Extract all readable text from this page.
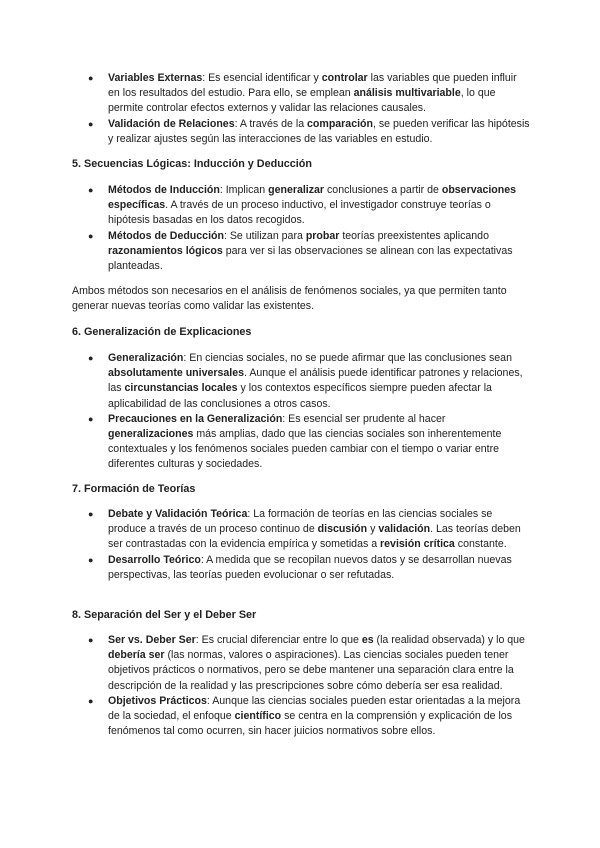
● Variables Externas: Es esencial identificar y controlar las variables que pueden influir en los resultados del estudio. Para ello, se emplean análisis multivariable, lo que permite controlar efectos externos y validar las relaciones causales.
● Validación de Relaciones: A través de la comparación, se pueden verificar las hipótesis y realizar ajustes según las interacciones de las variables en estudio.
5. Secuencias Lógicas: Inducción y Deducción
● Métodos de Inducción: Implican generalizar conclusiones a partir de observaciones específicas. A través de un proceso inductivo, el investigador construye teorías o hipótesis basadas en los datos recogidos.
● Métodos de Deducción: Se utilizan para probar teorías preexistentes aplicando razonamientos lógicos para ver si las observaciones se alinean con las expectativas planteadas.
Ambos métodos son necesarios en el análisis de fenómenos sociales, ya que permiten tanto generar nuevas teorías como validar las existentes.
6. Generalización de Explicaciones
● Generalización: En ciencias sociales, no se puede afirmar que las conclusiones sean absolutamente universales. Aunque el análisis puede identificar patrones y relaciones, las circunstancias locales y los contextos específicos siempre pueden afectar la aplicabilidad de las conclusiones a otros casos.
● Precauciones en la Generalización: Es esencial ser prudente al hacer generalizaciones más amplias, dado que las ciencias sociales son inherentemente contextuales y los fenómenos sociales pueden cambiar con el tiempo o variar entre diferentes culturas y sociedades.
7. Formación de Teorías
● Debate y Validación Teórica: La formación de teorías en las ciencias sociales se produce a través de un proceso continuo de discusión y validación. Las teorías deben ser contrastadas con la evidencia empírica y sometidas a revisión crítica constante.
● Desarrollo Teórico: A medida que se recopilan nuevos datos y se desarrollan nuevas perspectivas, las teorías pueden evolucionar o ser refutadas.
8. Separación del Ser y el Deber Ser
● Ser vs. Deber Ser: Es crucial diferenciar entre lo que es (la realidad observada) y lo que debería ser (las normas, valores o aspiraciones). Las ciencias sociales pueden tener objetivos prácticos o normativos, pero se debe mantener una separación clara entre la descripción de la realidad y las prescripciones sobre cómo debería ser esa realidad.
● Objetivos Prácticos: Aunque las ciencias sociales pueden estar orientadas a la mejora de la sociedad, el enfoque científico se centra en la comprensión y explicación de los fenómenos tal como ocurren, sin hacer juicios normativos sobre ellos.
